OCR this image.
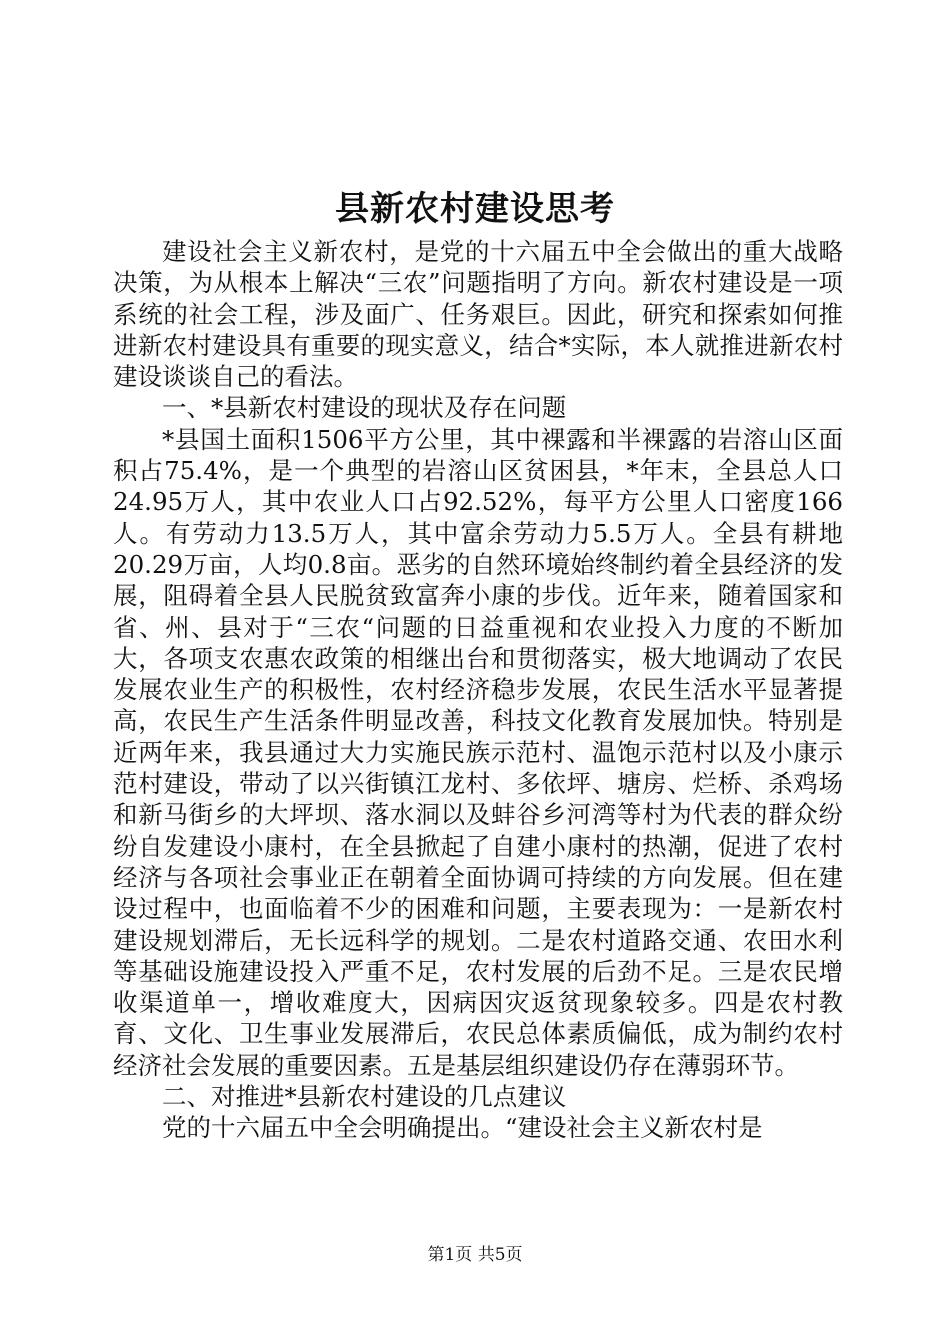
县新农村建设思考

建设社会主义新农村，是党的十六届五中全会做出的重大战略决策，为从根本上解决“三农”问题指明了方向。新农村建设是一项系统的社会工程，涉及面广、任务艰巨。因此，研究和探索如何推进新农村建设具有重要的现实意义，结合*实际，本人就推进新农村建设谈谈自己的看法。

一、*县新农村建设的现状及存在问题

*县国土面积1506平方公里，其中裸露和半裸露的岩溶山区面积占75.4%，是一个典型的岩溶山区贫困县，*年末，全县总人口24.95万人，其中农业人口占92.52%，每平方公里人口密度166人。有劳动力13.5万人，其中富余劳动力5.5万人。全县有耕地20.29万亩，人均0.8亩。恶劣的自然环境始终制约着全县经济的发展，阻碍着全县人民脱贫致富奔小康的步伐。近年来，随着国家和省、州、县对于“三农“问题的日益重视和农业投入力度的不断加大，各项支农惠农政策的相继出台和贯彻落实，极大地调动了农民发展农业生产的积极性，农村经济稳步发展，农民生活水平显著提高，农民生产生活条件明显改善，科技文化教育发展加快。特别是近两年来，我县通过大力实施民族示范村、温饱示范村以及小康示范村建设，带动了以兴街镇江龙村、多依坪、塘房、烂桥、杀鸡场和新马街乡的大坪坝、落水洞以及蚌谷乡河湾等村为代表的群众纷纷自发建设小康村，在全县掀起了自建小康村的热潮，促进了农村经济与各项社会事业正在朝着全面协调可持续的方向发展。但在建设过程中，也面临着不少的困难和问题，主要表现为：一是新农村建设规划滞后，无长远科学的规划。二是农村道路交通、农田水利等基础设施建设投入严重不足，农村发展的后劲不足。三是农民增收渠道单一，增收难度大，因病因灾返贫现象较多。四是农村教育、文化、卫生事业发展滞后，农民总体素质偏低，成为制约农村经济社会发展的重要因素。五是基层组织建设仍存在薄弱环节。

二、对推进*县新农村建设的几点建议

党的十六届五中全会明确提出。“建设社会主义新农村是

第1页 共5页
